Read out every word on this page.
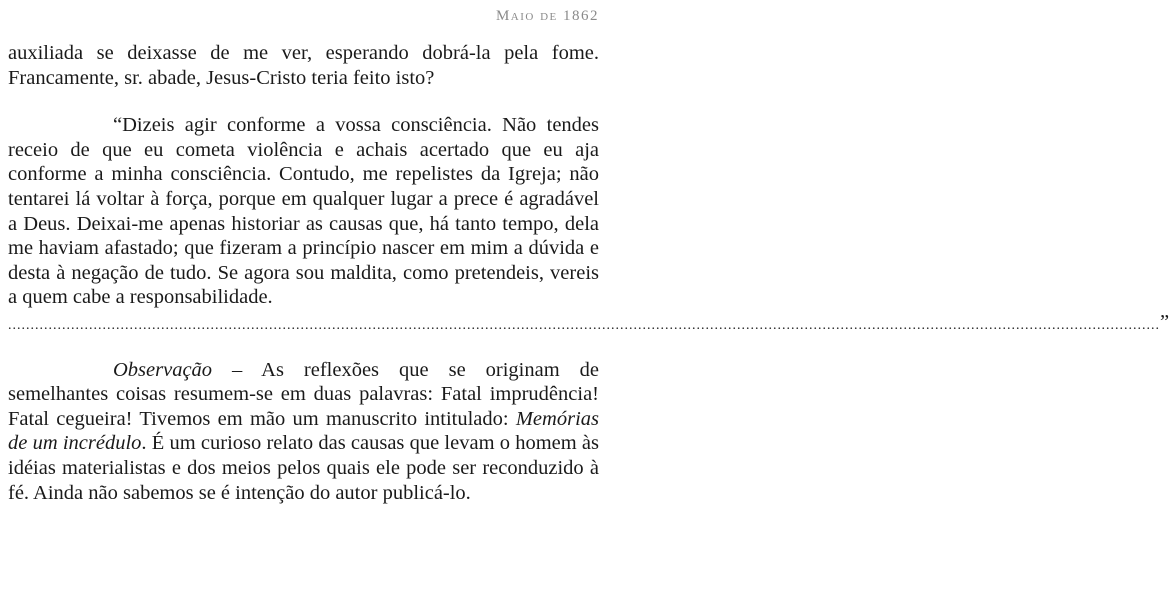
Maio de 1862

auxiliada se deixasse de me ver, esperando dobrá-la pela fome. Francamente, sr. abade, Jesus-Cristo teria feito isto?

“Dizeis agir conforme a vossa consciência. Não tendes receio de que eu cometa violência e achais acertado que eu aja conforme a minha consciência. Contudo, me repelistes da Igreja; não tentarei lá voltar à força, porque em qualquer lugar a prece é agradável a Deus. Deixai-me apenas historiar as causas que, há tanto tempo, dela me haviam afastado; que fizeram a princípio nascer em mim a dúvida e desta à negação de tudo. Se agora sou maldita, como pretendeis, vereis a quem cabe a responsabilidade.

................................................................................................................................................................................................................................................................ ”

Observação – As reflexões que se originam de semelhantes coisas resumem-se em duas palavras: Fatal imprudência! Fatal cegueira! Tivemos em mão um manuscrito intitulado: Memórias de um incrédulo. É um curioso relato das causas que levam o homem às idéias materialistas e dos meios pelos quais ele pode ser reconduzido à fé. Ainda não sabemos se é intenção do autor publicá-lo.
